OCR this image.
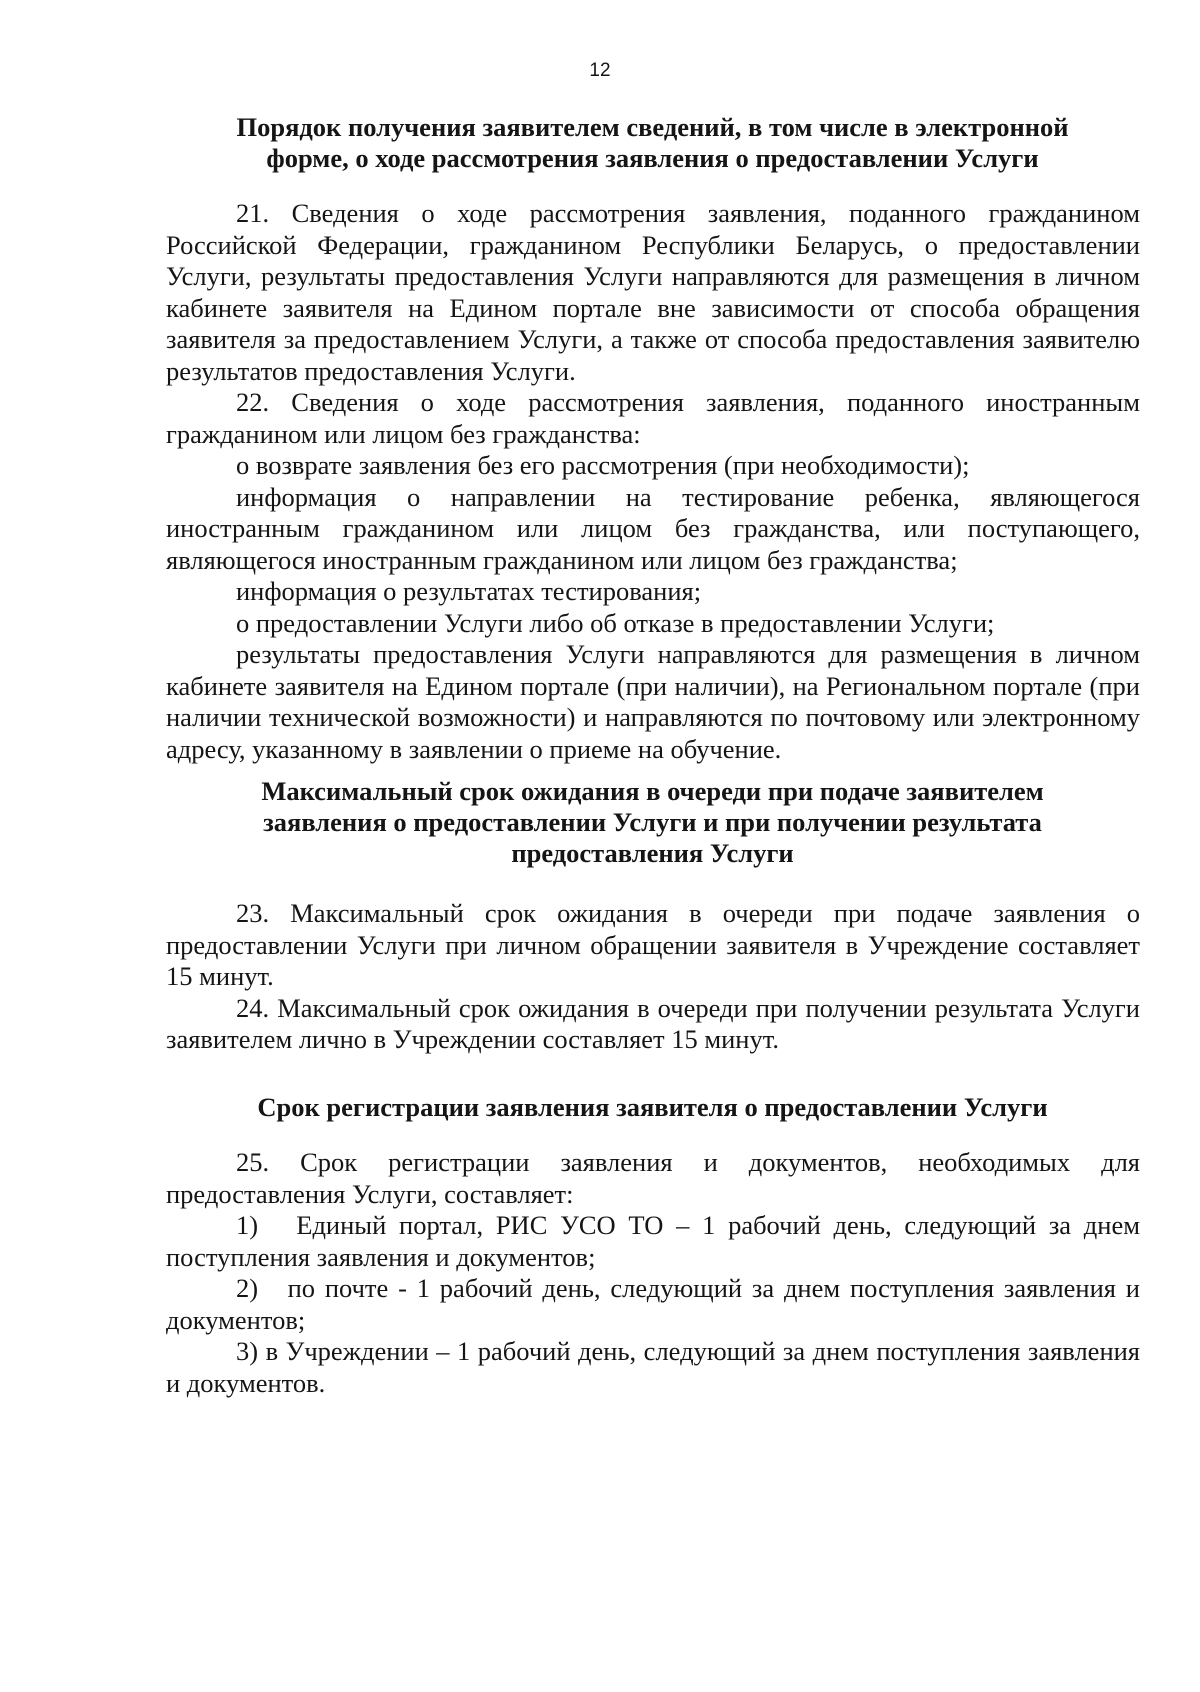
12
Порядок получения заявителем сведений, в том числе в электронной
форме, о ходе рассмотрения заявления о предоставлении Услуги

21. Сведения о ходе рассмотрения заявления, поданного гражданином Российской Федерации, гражданином Республики Беларусь, о предоставлении Услуги, результаты предоставления Услуги направляются для размещения в личном кабинете заявителя на Едином портале вне зависимости от способа обращения заявителя за предоставлением Услуги, а также от способа предоставления заявителю результатов предоставления Услуги.

22. Сведения о ходе рассмотрения заявления, поданного иностранным гражданином или лицом без гражданства:

о возврате заявления без его рассмотрения (при необходимости);

информация о направлении на тестирование ребенка, являющегося иностранным гражданином или лицом без гражданства, или поступающего, являющегося иностранным гражданином или лицом без гражданства;

информация о результатах тестирования;

о предоставлении Услуги либо об отказе в предоставлении Услуги;

результаты предоставления Услуги направляются для размещения в личном кабинете заявителя на Едином портале (при наличии), на Региональном портале (при наличии технической возможности) и направляются по почтовому или электронному адресу, указанному в заявлении о приеме на обучение.

Максимальный срок ожидания в очереди при подаче заявителем
заявления о предоставлении Услуги и при получении результата
предоставления Услуги

23. Максимальный срок ожидания в очереди при подаче заявления о предоставлении Услуги при личном обращении заявителя в Учреждение составляет 15 минут.

24. Максимальный срок ожидания в очереди при получении результата Услуги заявителем лично в Учреждении составляет 15 минут.

Срок регистрации заявления заявителя о предоставлении Услуги

25. Срок регистрации заявления и документов, необходимых для предоставления Услуги, составляет:

1)   Единый портал, РИС УСО ТО – 1 рабочий день, следующий за днем поступления заявления и документов;

2)   по почте - 1 рабочий день, следующий за днем поступления заявления и документов;

3) в Учреждении – 1 рабочий день, следующий за днем поступления заявления и документов.
